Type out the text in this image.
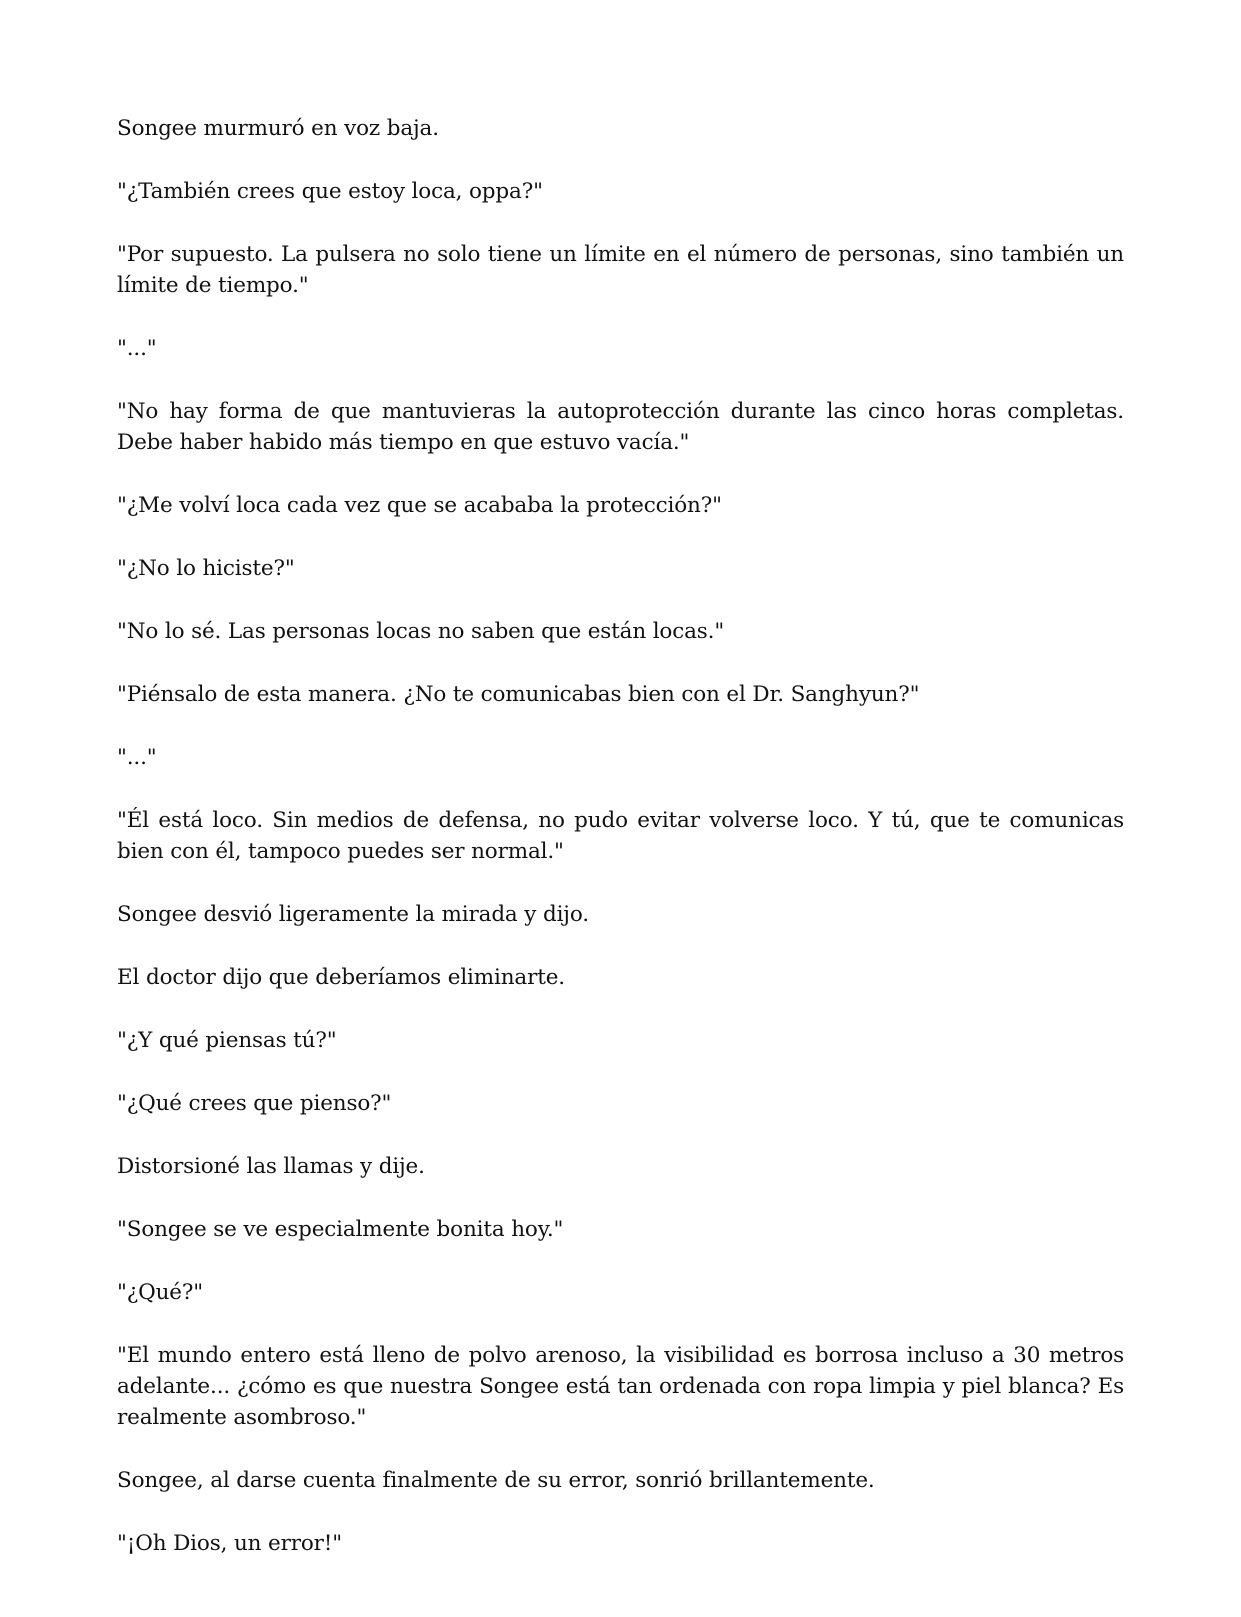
Songee murmuró en voz baja.

"¿También crees que estoy loca, oppa?"

"Por supuesto. La pulsera no solo tiene un límite en el número de personas, sino también un límite de tiempo."

"..."

"No hay forma de que mantuvieras la autoprotección durante las cinco horas completas. Debe haber habido más tiempo en que estuvo vacía."

"¿Me volví loca cada vez que se acababa la protección?"

"¿No lo hiciste?"

"No lo sé. Las personas locas no saben que están locas."

"Piénsalo de esta manera. ¿No te comunicabas bien con el Dr. Sanghyun?"

"..."

"Él está loco. Sin medios de defensa, no pudo evitar volverse loco. Y tú, que te comunicas bien con él, tampoco puedes ser normal."

Songee desvió ligeramente la mirada y dijo.

El doctor dijo que deberíamos eliminarte.

"¿Y qué piensas tú?"

"¿Qué crees que pienso?"

Distorsioné las llamas y dije.

"Songee se ve especialmente bonita hoy."

"¿Qué?"

"El mundo entero está lleno de polvo arenoso, la visibilidad es borrosa incluso a 30 metros adelante... ¿cómo es que nuestra Songee está tan ordenada con ropa limpia y piel blanca? Es realmente asombroso."

Songee, al darse cuenta finalmente de su error, sonrió brillantemente.

"¡Oh Dios, un error!"
